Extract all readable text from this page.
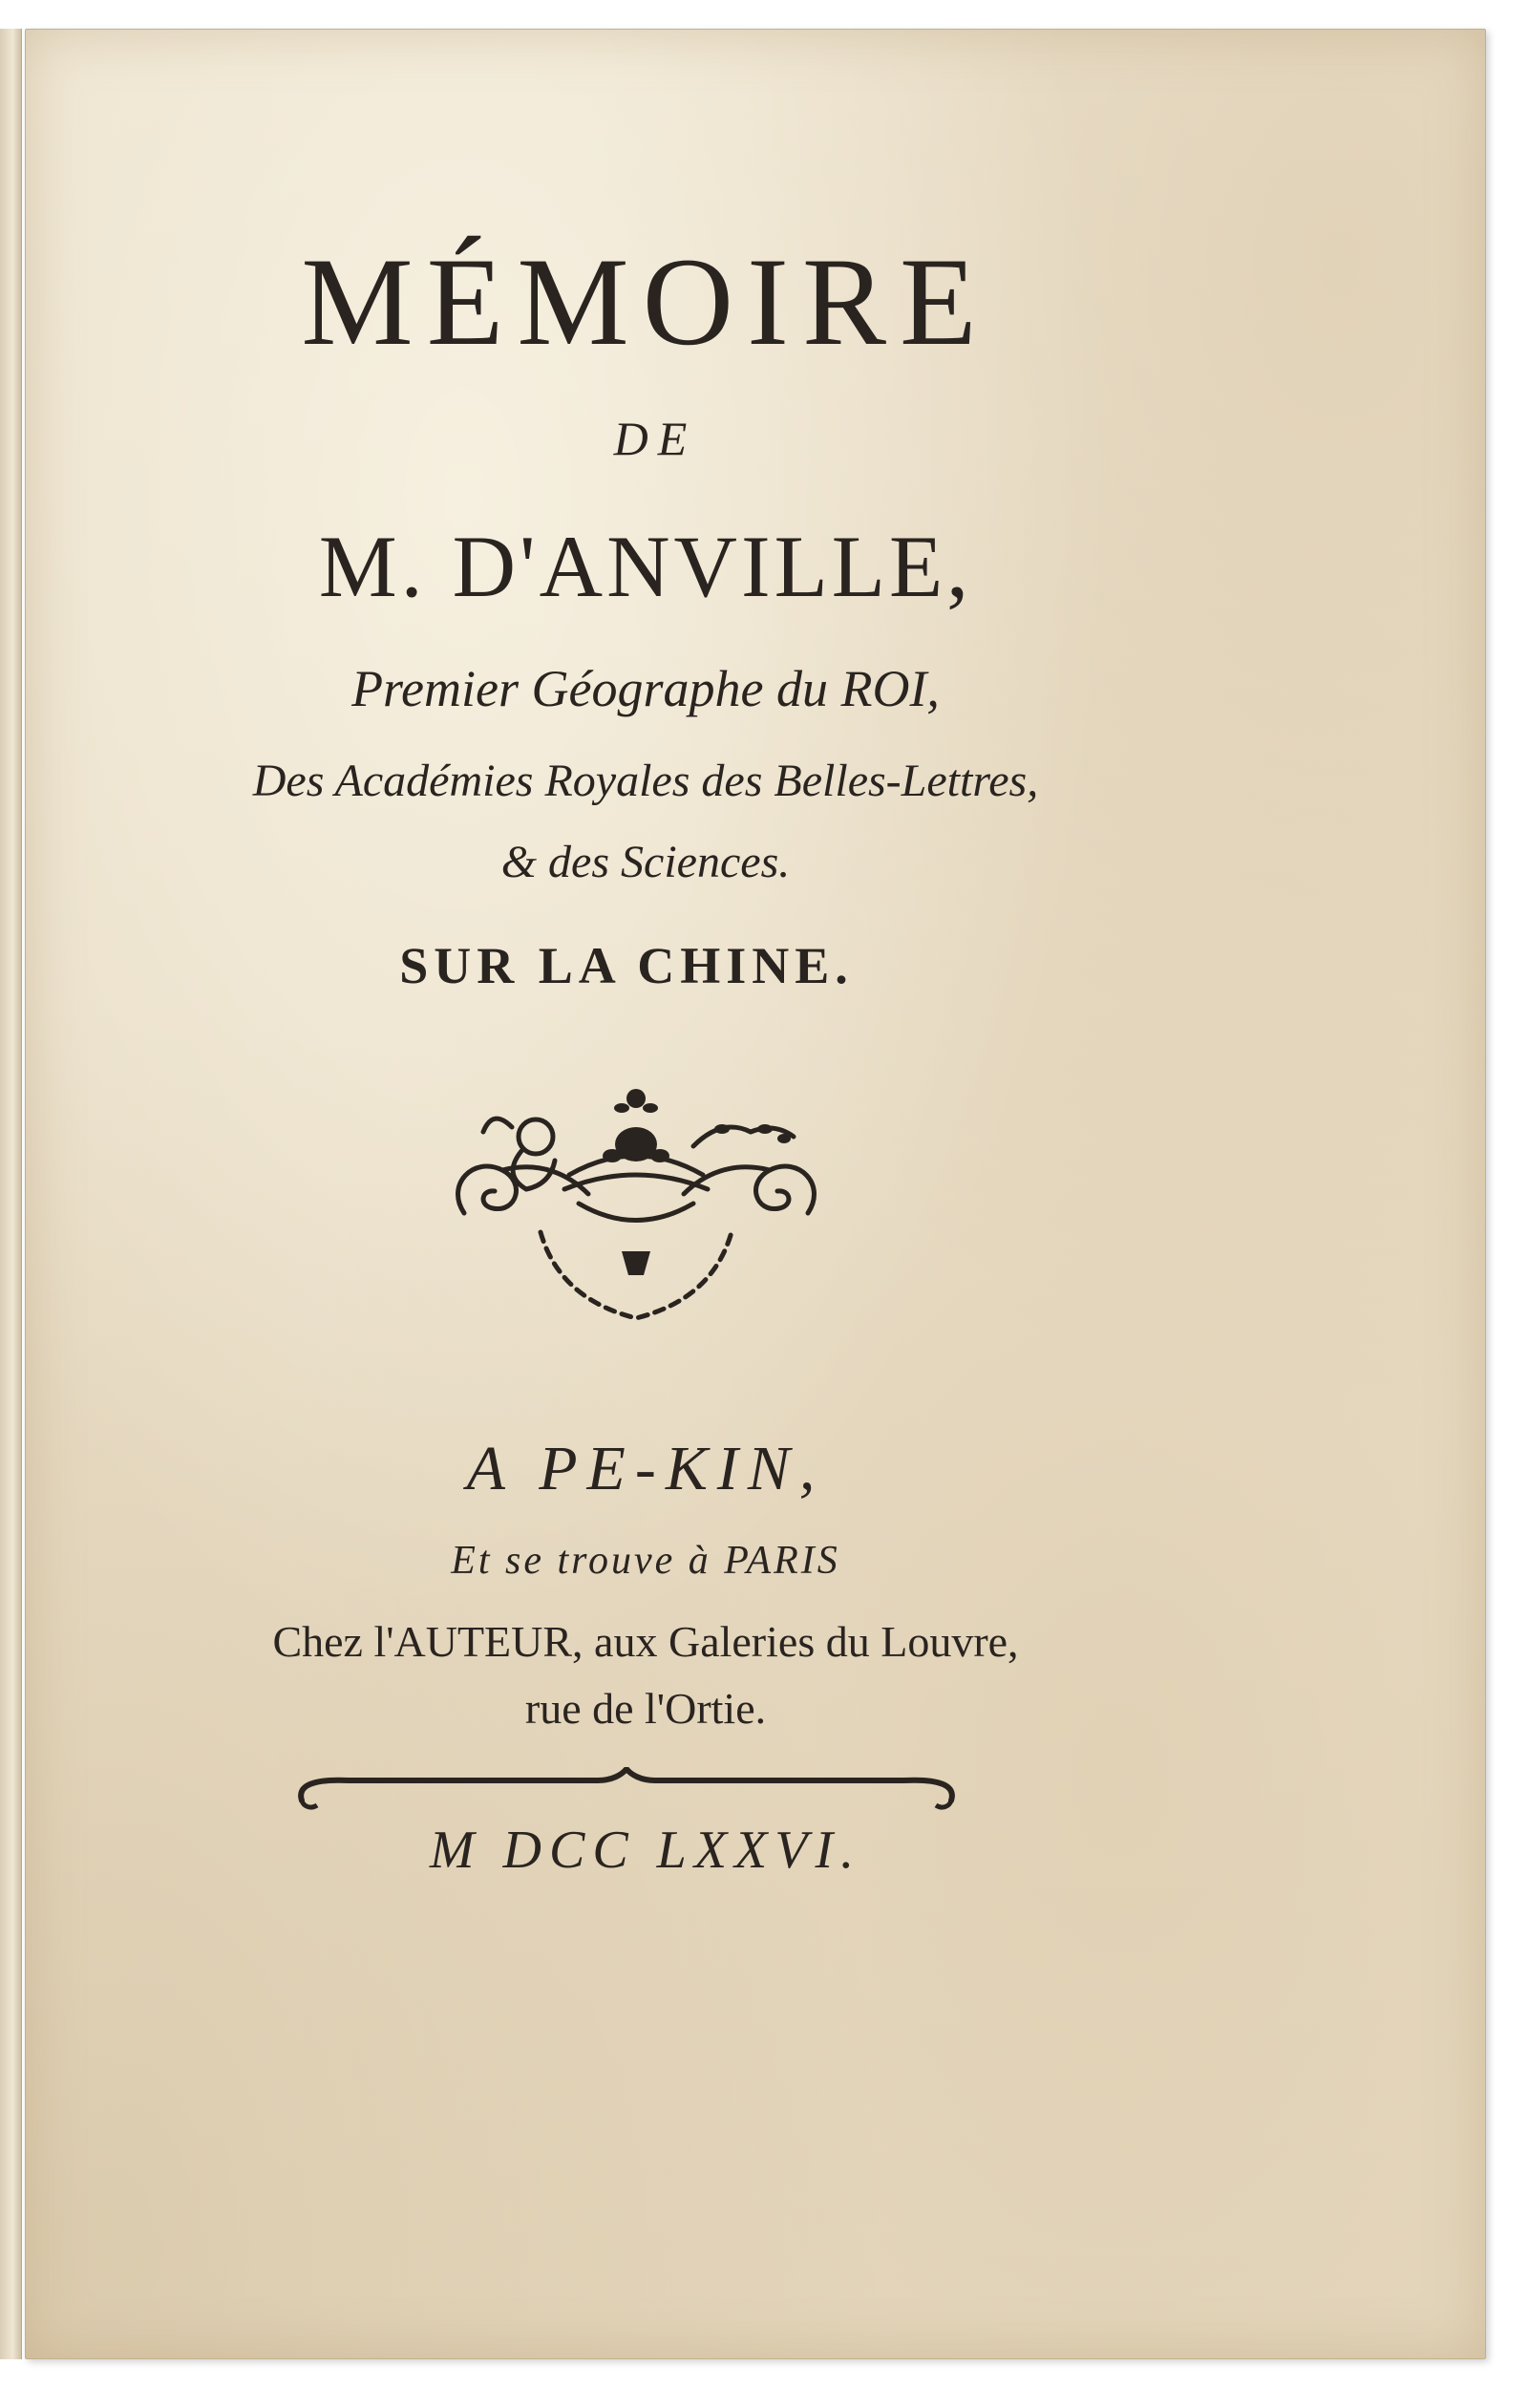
MÉMOIRE
DE
M. D'ANVILLE,
Premier Géographe du ROI,
Des Académies Royales des Belles-Lettres,
& des Sciences.
SUR LA CHINE.
A PE-KIN,
Et se trouve à PARIS
Chez l'AUTEUR, aux Galeries du Louvre,
rue de l'Ortie.
M DCC LXXVI.
